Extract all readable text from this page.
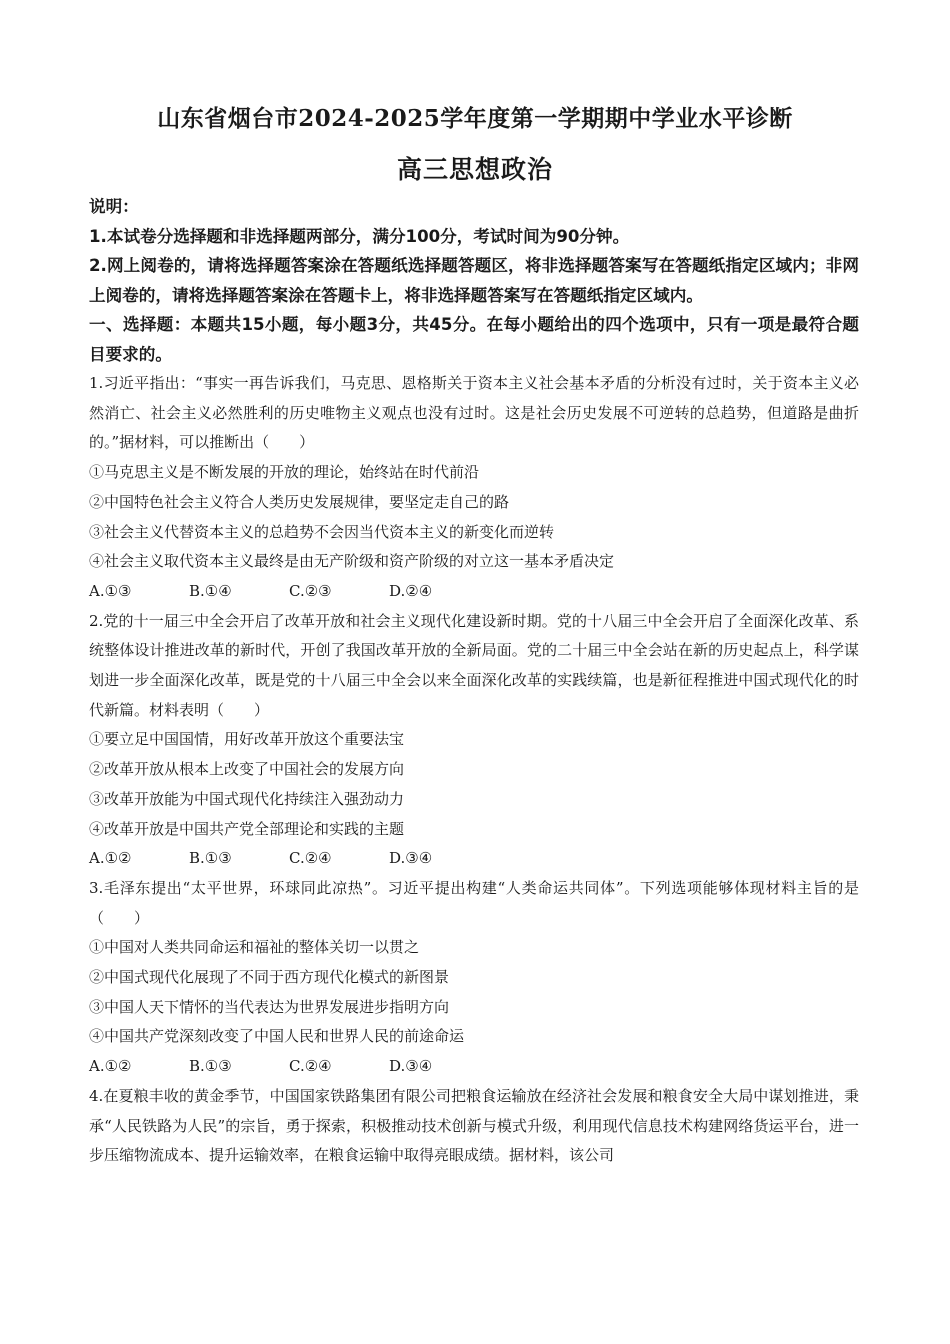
山东省烟台市2024-2025学年度第一学期期中学业水平诊断
高三思想政治
说明：
1.本试卷分选择题和非选择题两部分，满分100分，考试时间为90分钟。
2.网上阅卷的，请将选择题答案涂在答题纸选择题答题区，将非选择题答案写在答题纸指定区域内；非网上阅卷的，请将选择题答案涂在答题卡上，将非选择题答案写在答题纸指定区域内。
一、选择题：本题共15小题，每小题3分，共45分。在每小题给出的四个选项中，只有一项是最符合题目要求的。
1.习近平指出：“事实一再告诉我们，马克思、恩格斯关于资本主义社会基本矛盾的分析没有过时，关于资本主义必然消亡、社会主义必然胜利的历史唯物主义观点也没有过时。这是社会历史发展不可逆转的总趋势，但道路是曲折的。”据材料，可以推断出（　　）
①马克思主义是不断发展的开放的理论，始终站在时代前沿
②中国特色社会主义符合人类历史发展规律，要坚定走自己的路
③社会主义代替资本主义的总趋势不会因当代资本主义的新变化而逆转
④社会主义取代资本主义最终是由无产阶级和资产阶级的对立这一基本矛盾决定
A.①③	B.①④	C.②③	D.②④
2.党的十一届三中全会开启了改革开放和社会主义现代化建设新时期。党的十八届三中全会开启了全面深化改革、系统整体设计推进改革的新时代，开创了我国改革开放的全新局面。党的二十届三中全会站在新的历史起点上，科学谋划进一步全面深化改革，既是党的十八届三中全会以来全面深化改革的实践续篇，也是新征程推进中国式现代化的时代新篇。材料表明（　　）
①要立足中国国情，用好改革开放这个重要法宝
②改革开放从根本上改变了中国社会的发展方向
③改革开放能为中国式现代化持续注入强劲动力
④改革开放是中国共产党全部理论和实践的主题
A.①②	B.①③	C.②④	D.③④
3.毛泽东提出“太平世界，环球同此凉热”。习近平提出构建“人类命运共同体”。下列选项能够体现材料主旨的是（　　）
①中国对人类共同命运和福祉的整体关切一以贯之
②中国式现代化展现了不同于西方现代化模式的新图景
③中国人天下情怀的当代表达为世界发展进步指明方向
④中国共产党深刻改变了中国人民和世界人民的前途命运
A.①②	B.①③	C.②④	D.③④
4.在夏粮丰收的黄金季节，中国国家铁路集团有限公司把粮食运输放在经济社会发展和粮食安全大局中谋划推进，秉承“人民铁路为人民”的宗旨，勇于探索，积极推动技术创新与模式升级，利用现代信息技术构建网络货运平台，进一步压缩物流成本、提升运输效率，在粮食运输中取得亮眼成绩。据材料，该公司
